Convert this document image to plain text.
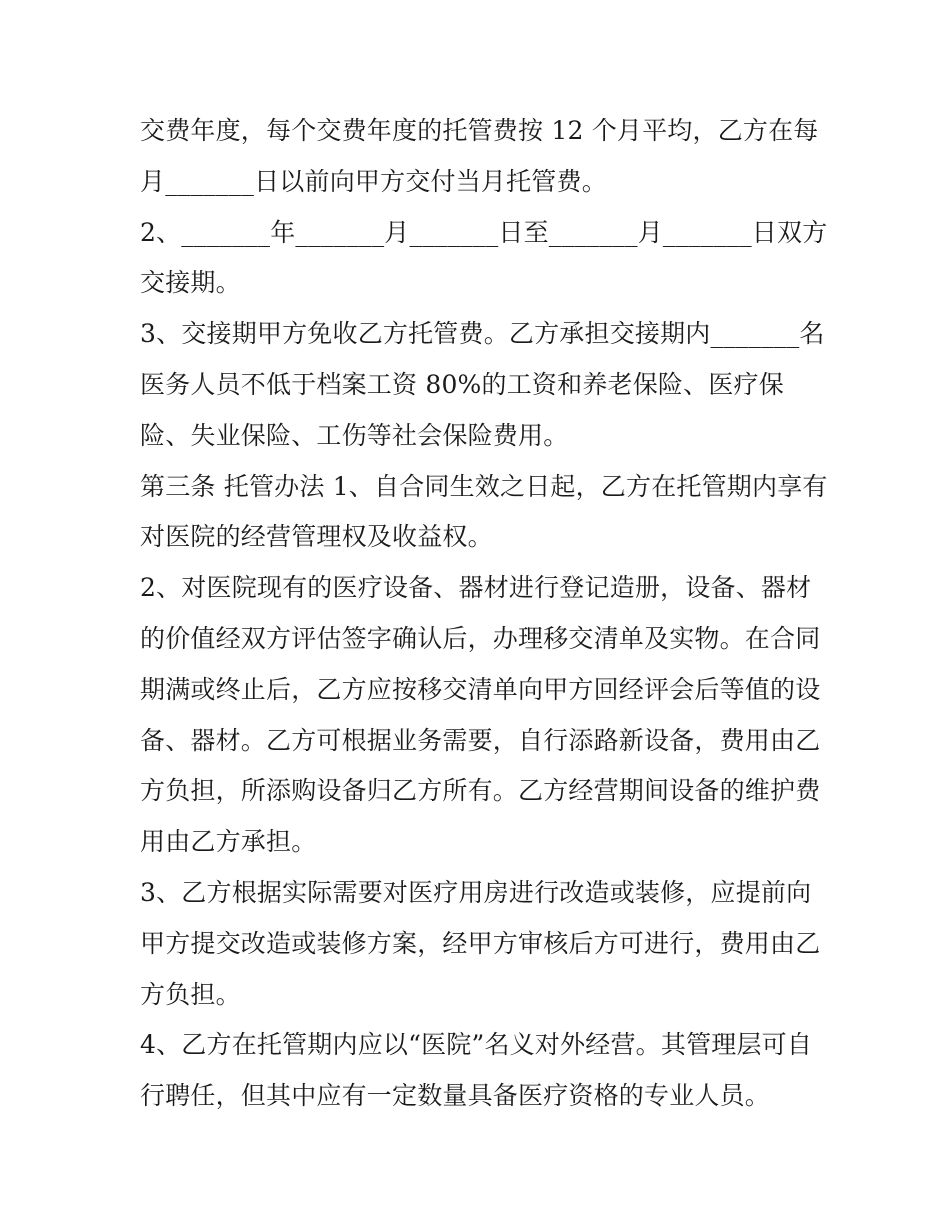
交费年度，每个交费年度的托管费按 12 个月平均，乙方在每
月_______日以前向甲方交付当月托管费。
2、_______年_______月_______日至_______月_______日双方
交接期。
3、交接期甲方免收乙方托管费。乙方承担交接期内_______名
医务人员不低于档案工资 80%的工资和养老保险、医疗保
险、失业保险、工伤等社会保险费用。
第三条 托管办法 1、自合同生效之日起，乙方在托管期内享有
对医院的经营管理权及收益权。
2、对医院现有的医疗设备、器材进行登记造册，设备、器材
的价值经双方评估签字确认后，办理移交清单及实物。在合同
期满或终止后，乙方应按移交清单向甲方回经评会后等值的设
备、器材。乙方可根据业务需要，自行添路新设备，费用由乙
方负担，所添购设备归乙方所有。乙方经营期间设备的维护费
用由乙方承担。
3、乙方根据实际需要对医疗用房进行改造或装修，应提前向
甲方提交改造或装修方案，经甲方审核后方可进行，费用由乙
方负担。
4、乙方在托管期内应以“医院”名义对外经营。其管理层可自
行聘任，但其中应有一定数量具备医疗资格的专业人员。
